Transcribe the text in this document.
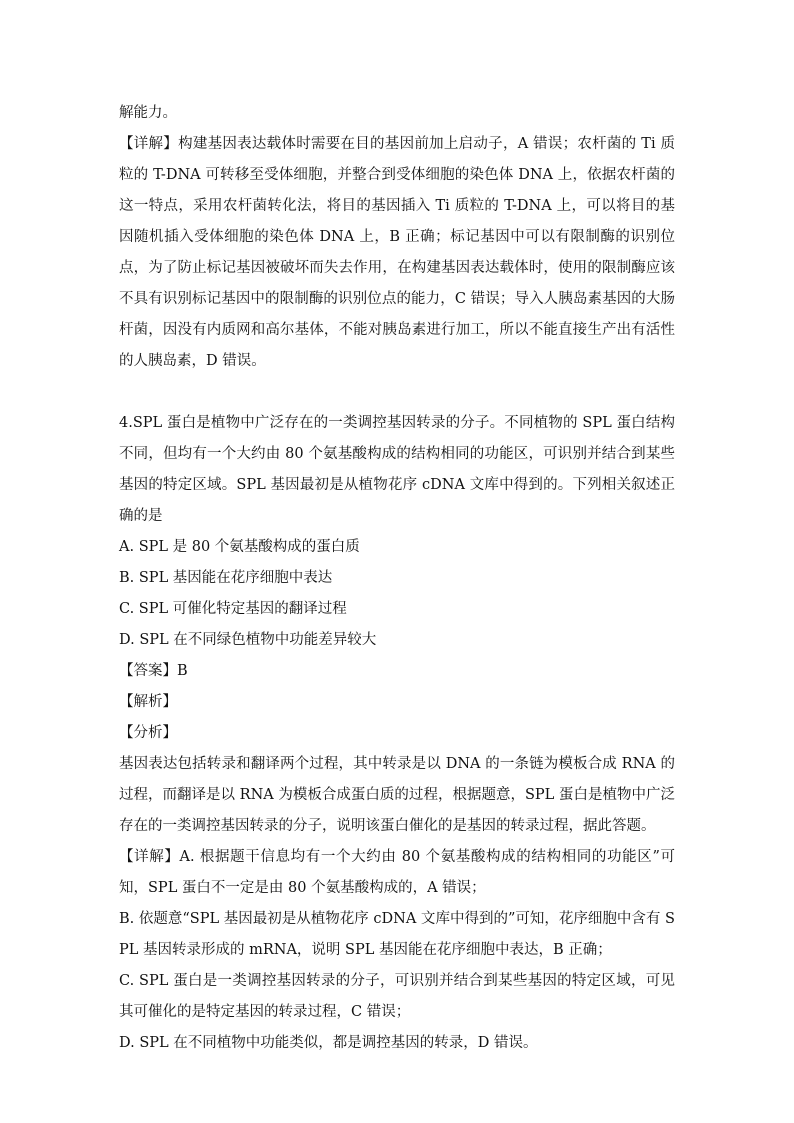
解能力。

【详解】构建基因表达载体时需要在目的基因前加上启动子，A 错误；农杆菌的 Ti 质粒的 T-DNA 可转移至受体细胞，并整合到受体细胞的染色体 DNA 上，依据农杆菌的这一特点，采用农杆菌转化法，将目的基因插入 Ti 质粒的 T-DNA 上，可以将目的基因随机插入受体细胞的染色体 DNA 上，B 正确；标记基因中可以有限制酶的识别位点，为了防止标记基因被破坏而失去作用，在构建基因表达载体时，使用的限制酶应该不具有识别标记基因中的限制酶的识别位点的能力，C 错误；导入人胰岛素基因的大肠杆菌，因没有内质网和高尔基体，不能对胰岛素进行加工，所以不能直接生产出有活性的人胰岛素，D 错误。

4.SPL 蛋白是植物中广泛存在的一类调控基因转录的分子。不同植物的 SPL 蛋白结构不同，但均有一个大约由 80 个氨基酸构成的结构相同的功能区，可识别并结合到某些基因的特定区域。SPL 基因最初是从植物花序 cDNA 文库中得到的。下列相关叙述正确的是

A. SPL 是 80 个氨基酸构成的蛋白质

B. SPL 基因能在花序细胞中表达

C. SPL 可催化特定基因的翻译过程

D. SPL 在不同绿色植物中功能差异较大

【答案】B

【解析】

【分析】

基因表达包括转录和翻译两个过程，其中转录是以 DNA 的一条链为模板合成 RNA 的过程，而翻译是以 RNA 为模板合成蛋白质的过程，根据题意，SPL 蛋白是植物中广泛存在的一类调控基因转录的分子，说明该蛋白催化的是基因的转录过程，据此答题。

【详解】A. 根据题干信息均有一个大约由 80 个氨基酸构成的结构相同的功能区”可知，SPL 蛋白不一定是由 80 个氨基酸构成的，A 错误；

B. 依题意“SPL 基因最初是从植物花序 cDNA 文库中得到的”可知，花序细胞中含有 SPL 基因转录形成的 mRNA，说明 SPL 基因能在花序细胞中表达，B 正确；

C. SPL 蛋白是一类调控基因转录的分子，可识别并结合到某些基因的特定区域，可见其可催化的是特定基因的转录过程，C 错误；

D. SPL 在不同植物中功能类似，都是调控基因的转录，D 错误。
